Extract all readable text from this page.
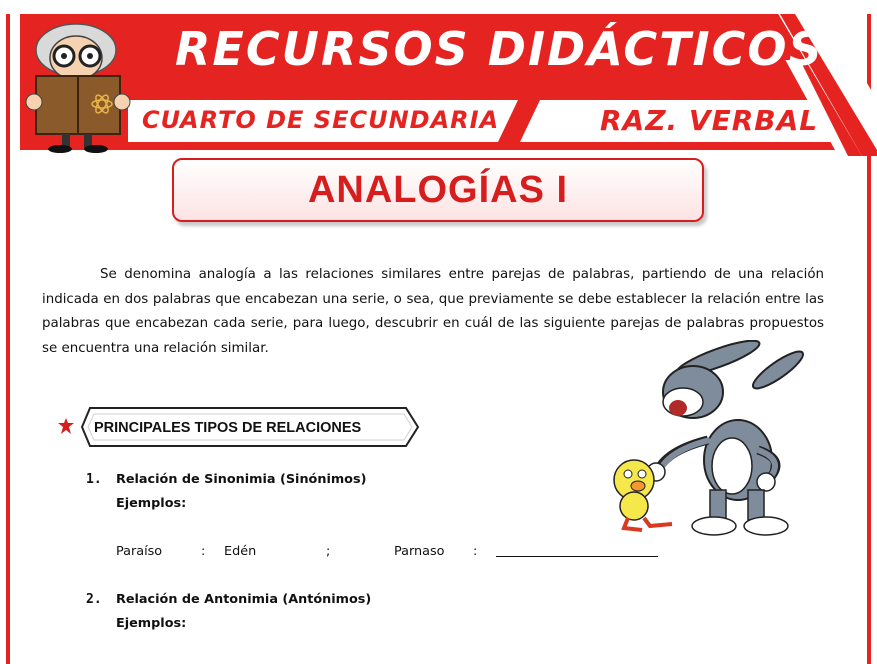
RECURSOS DIDÁCTICOS
CUARTO DE SECUNDARIA	RAZ. VERBAL
ANALOGÍAS I

Se denomina analogía a las relaciones similares entre parejas de palabras, partiendo de una relación indicada en dos palabras que encabezan una serie, o sea, que previamente se debe establecer la relación entre las palabras que encabezan cada serie, para luego, descubrir en cuál de las siguiente parejas de palabras propuestos se encuentra una relación similar.

PRINCIPALES TIPOS DE RELACIONES
1. Relación de Sinonimia (Sinónimos)
Ejemplos:
Paraíso	: Edén	;	Parnaso :
2. Relación de Antonimia (Antónimos)
Ejemplos:
